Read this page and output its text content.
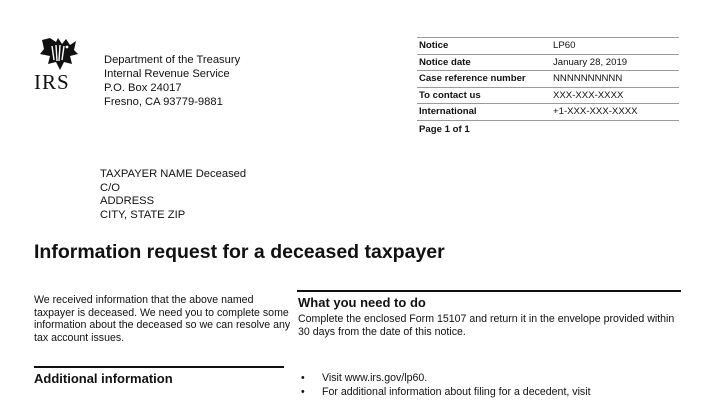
IRS
Department of the Treasury
Internal Revenue Service
P.O. Box 24017
Fresno, CA 93779-9881
Notice	LP60
Notice date	January 28, 2019
Case reference number	NNNNNNNNNN
To contact us	XXX-XXX-XXXX
International	+1-XXX-XXX-XXXX
Page 1 of 1
TAXPAYER NAME Deceased
C/O
ADDRESS
CITY, STATE ZIP
Information request for a deceased taxpayer
We received information that the above named taxpayer is deceased. We need you to complete some information about the deceased so we can resolve any tax account issues.
What you need to do
Complete the enclosed Form 15107 and return it in the envelope provided within 30 days from the date of this notice.
Additional information	• Visit www.irs.gov/lp60.
• For additional information about filing for a decedent, visit
